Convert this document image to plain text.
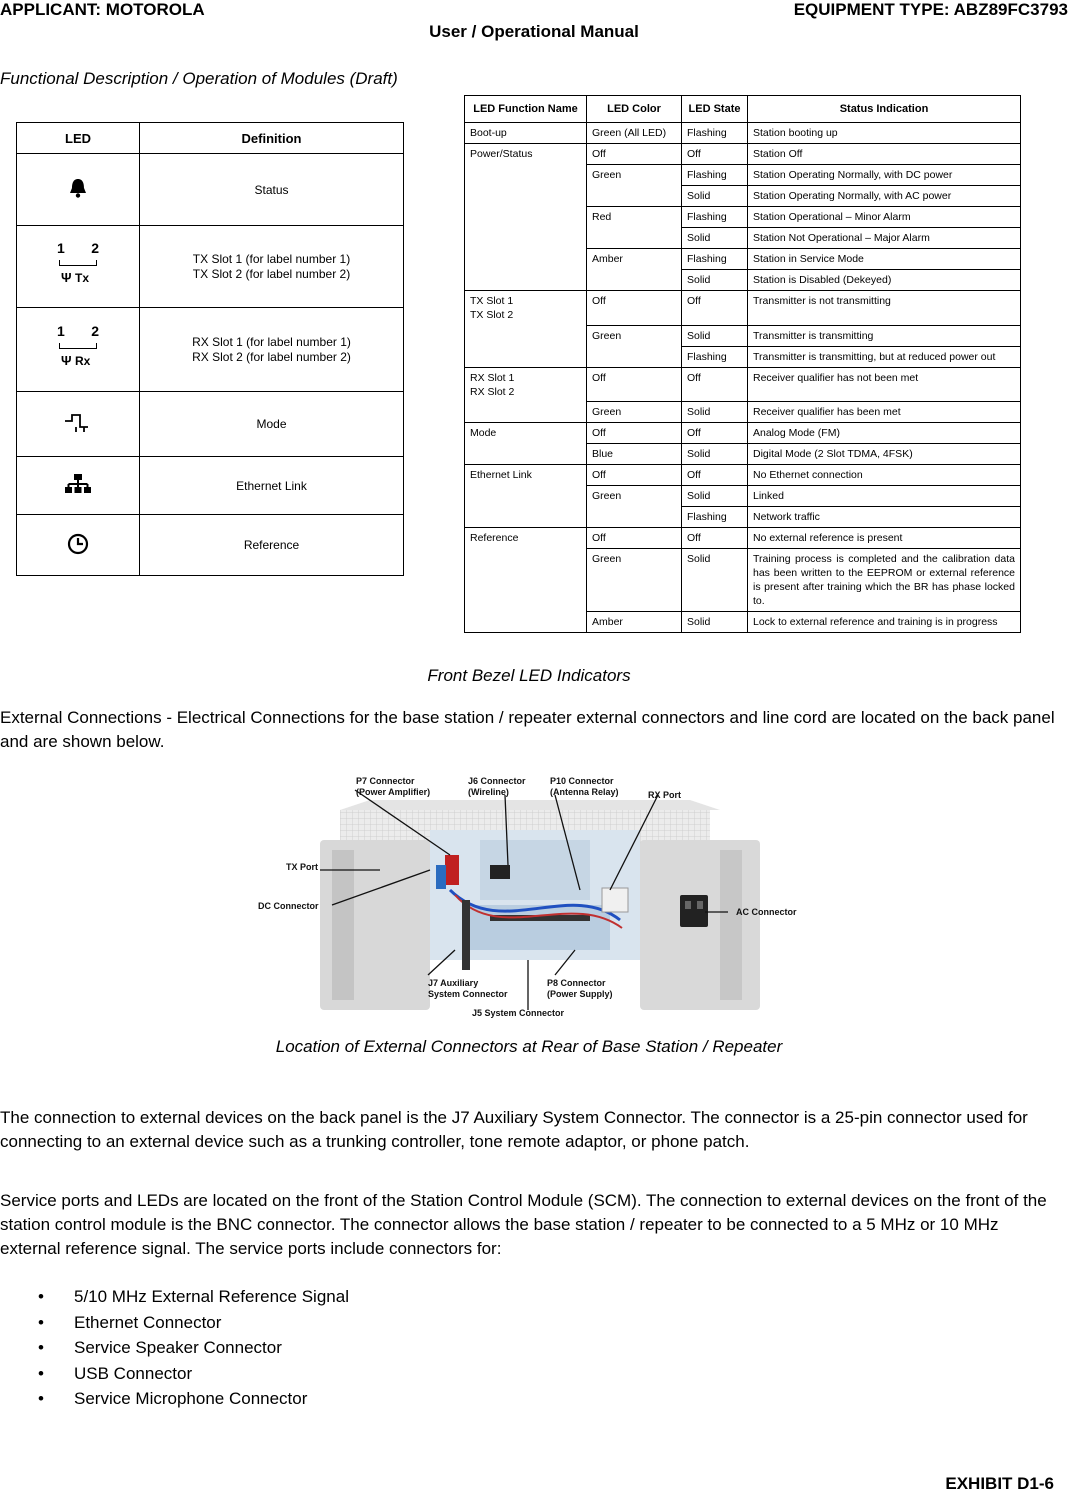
APPLICANT: MOTOROLA	EQUIPMENT TYPE: ABZ89FC3793
User / Operational Manual
Functional Description / Operation of Modules (Draft)
LED	Definition
	Status

1 2
Ψ Tx	TX Slot 1 (for label number 1)
TX Slot 2 (for label number 2)

1 2
Ψ Rx	RX Slot 1 (for label number 1)
RX Slot 2 (for label number 2)
	Mode
	Ethernet Link
	Reference
LED Function Name	LED Color	LED State	Status Indication
Boot-up	Green (All LED)	Flashing	Station booting up
Power/Status	Off	Off	Station Off
	Green	Flashing	Station Operating Normally, with DC power
		Solid	Station Operating Normally, with AC power
	Red	Flashing	Station Operational – Minor Alarm
		Solid	Station Not Operational – Major Alarm
	Amber	Flashing	Station in Service Mode
		Solid	Station is Disabled (Dekeyed)
TX Slot 1
TX Slot 2	Off	Off	Transmitter is not transmitting
	Green	Solid	Transmitter is transmitting
		Flashing	Transmitter is transmitting, but at reduced power out
RX Slot 1
RX Slot 2	Off	Off	Receiver qualifier has not been met
	Green	Solid	Receiver qualifier has been met
Mode	Off	Off	Analog Mode (FM)
	Blue	Solid	Digital Mode (2 Slot TDMA, 4FSK)
Ethernet Link	Off	Off	No Ethernet connection
	Green	Solid	Linked
		Flashing	Network traffic
Reference	Off	Off	No external reference is present
	Green	Solid	Training process is completed and the calibration data has been written to the EEPROM or external reference is present after training which the BR has phase locked to.
	Amber	Solid	Lock to external reference and training is in progress
Front Bezel LED Indicators
External Connections - Electrical Connections for the base station / repeater external connectors and line cord are located on the back panel and are shown below.
P7 Connector
(Power Amplifier)
J6 Connector
(Wireline)
P10 Connector
(Antenna Relay)	RX Port
TX Port
DC Connector
AC Connector
J7 Auxiliary
System Connector
P8 Connector
(Power Supply)
J5 System Connector
Location of External Connectors at Rear of Base Station / Repeater
The connection to external devices on the back panel is the J7 Auxiliary System Connector. The connector is a 25-pin connector used for connecting to an external device such as a trunking controller, tone remote adaptor, or phone patch.
Service ports and LEDs are located on the front of the Station Control Module (SCM). The connection to external devices on the front of the station control module is the BNC connector. The connector allows the base station / repeater to be connected to a 5 MHz or 10 MHz external reference signal. The service ports include connectors for:
• 5/10 MHz External Reference Signal
• Ethernet Connector
• Service Speaker Connector
• USB Connector
• Service Microphone Connector
EXHIBIT D1-6
